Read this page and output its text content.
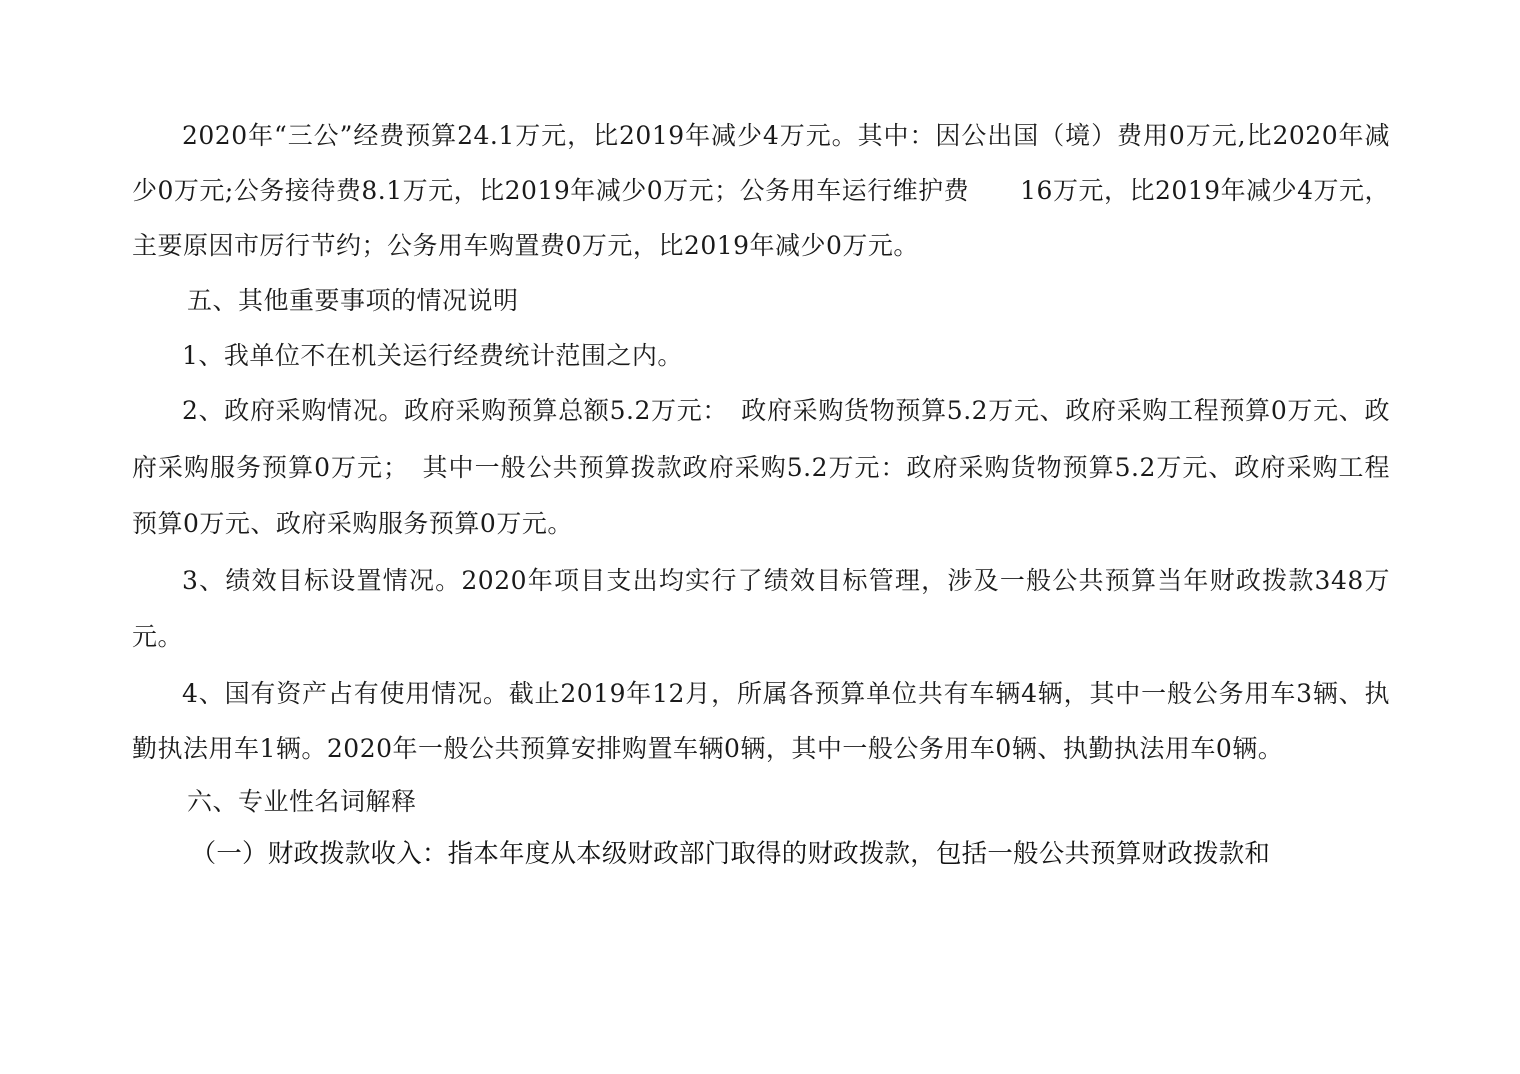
2020年“三公”经费预算24.1万元，比2019年减少4万元。其中：因公出国（境）费用0万元,比2020年减少0万元;公务接待费8.1万元，比2019年减少0万元；公务用车运行维护费　　16万元，比2019年减少4万元，主要原因市厉行节约；公务用车购置费0万元，比2019年减少0万元。

五、其他重要事项的情况说明

1、我单位不在机关运行经费统计范围之内。

2、政府采购情况。政府采购预算总额5.2万元：　政府采购货物预算5.2万元、政府采购工程预算0万元、政府采购服务预算0万元；　其中一般公共预算拨款政府采购5.2万元：政府采购货物预算5.2万元、政府采购工程预算0万元、政府采购服务预算0万元。

3、绩效目标设置情况。2020年项目支出均实行了绩效目标管理，涉及一般公共预算当年财政拨款348万元。

4、国有资产占有使用情况。截止2019年12月，所属各预算单位共有车辆4辆，其中一般公务用车3辆、执勤执法用车1辆。2020年一般公共预算安排购置车辆0辆，其中一般公务用车0辆、执勤执法用车0辆。

六、专业性名词解释

（一）财政拨款收入：指本年度从本级财政部门取得的财政拨款，包括一般公共预算财政拨款和
